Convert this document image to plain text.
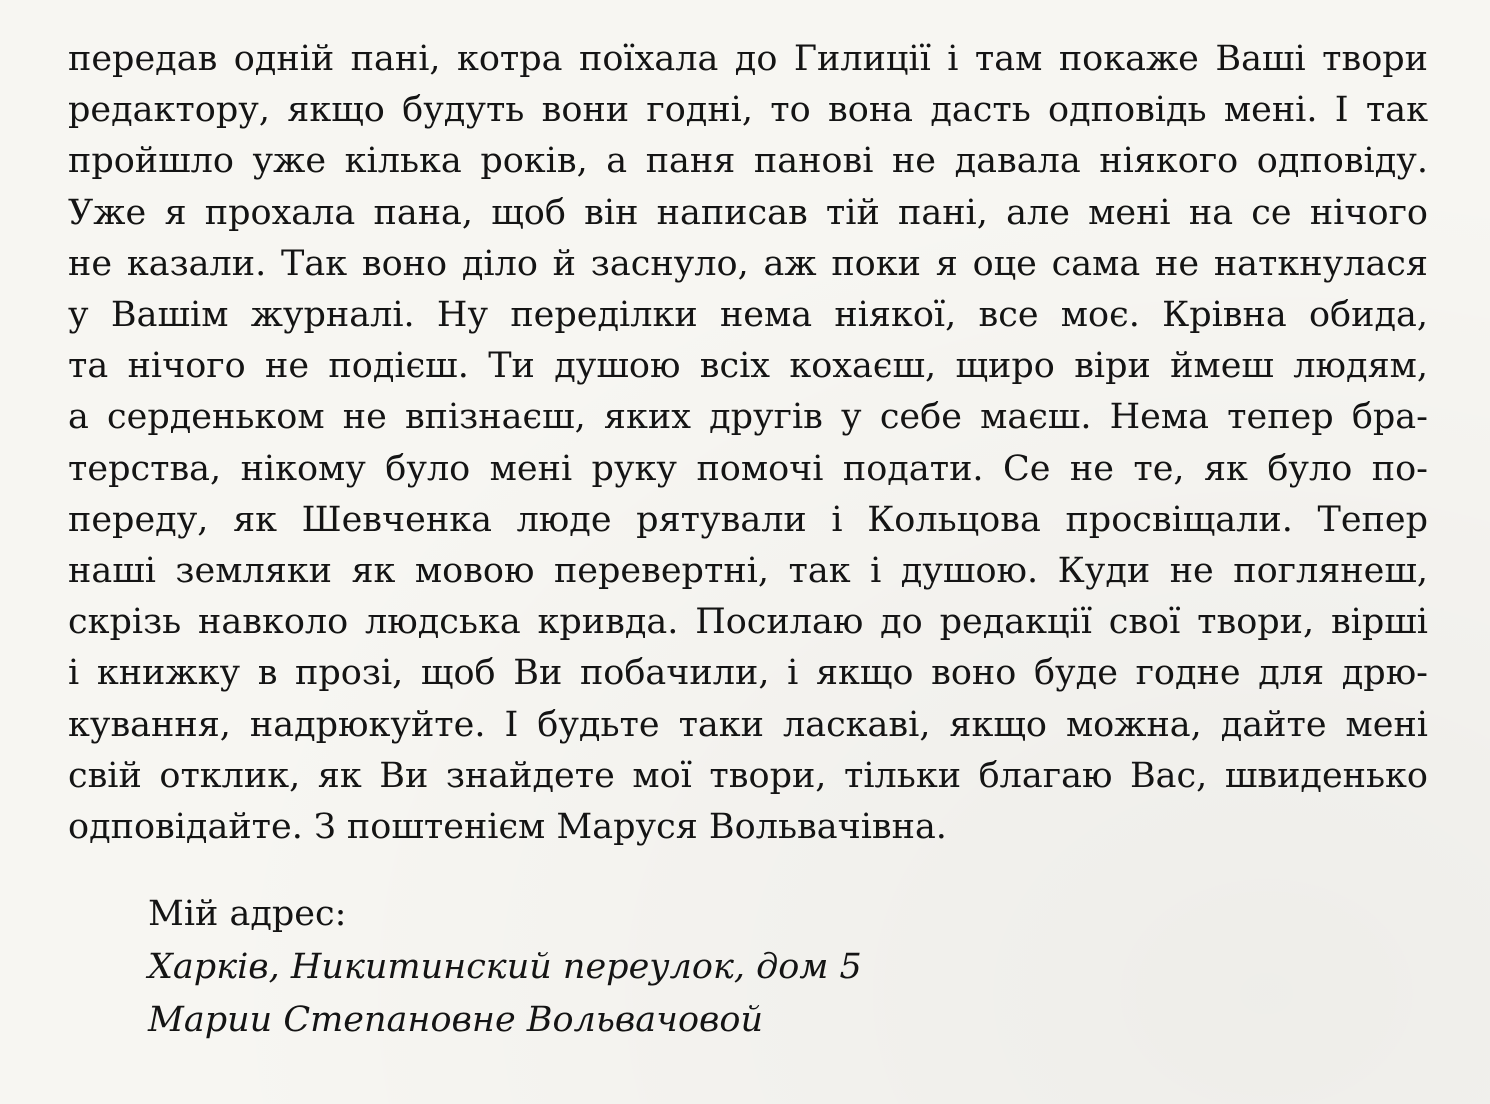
передав одній пані, котра поїхала до Гилиції і там покаже Ваші твори
редактору, якщо будуть вони годні, то вона дасть одповідь мені. І так
пройшло уже кілька років, а паня панові не давала ніякого одповіду.
Уже я прохала пана, щоб він написав тій пані, але мені на се нічого
не казали. Так воно діло й заснуло, аж поки я оце сама не наткнулася
у Вашім журналі. Ну переділки нема ніякої, все моє. Крівна обида,
та нічого не подієш. Ти душою всіх кохаєш, щиро віри ймеш людям,
а серденьком не впізнаєш, яких другів у себе маєш. Нема тепер бра-
терства, нікому було мені руку помочі подати. Се не те, як було по-
переду, як Шевченка люде рятували і Кольцова просвіщали. Тепер
наші земляки як мовою перевертні, так і душою. Куди не поглянеш,
скрізь навколо людська кривда. Посилаю до редакції свої твори, вірші
і книжку в прозі, щоб Ви побачили, і якщо воно буде годне для дрю-
кування, надрюкуйте. І будьте таки ласкаві, якщо можна, дайте мені
свій отклик, як Ви знайдете мої твори, тільки благаю Вас, швиденько
одповідайте. З поштенієм Маруся Вольвачівна.
Мій адрес:
Харків, Никитинский переулок, дом 5
Марии Степановне Вольвачовой
